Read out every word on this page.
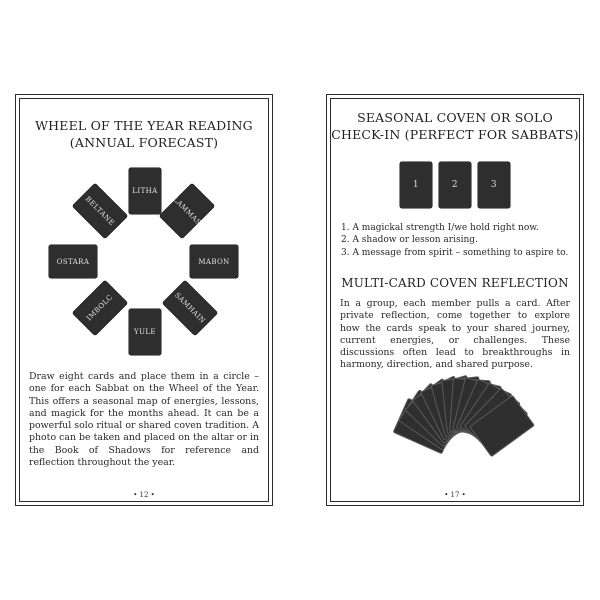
WHEEL OF THE YEAR READING
(ANNUAL FORECAST)
LITHA
LAMMAS
MABON
SAMHAIN
YULE
IMBOLC
OSTARA
BELTANE
Draw eight cards and place them in a circle – one for each Sabbat on the Wheel of the Year. This offers a seasonal map of energies, lessons, and magick for the months ahead. It can be a powerful solo ritual or shared coven tradition. A photo can be taken and placed on the altar or in the Book of Shadows for reference and reflection throughout the year.
• 12 •
SEASONAL COVEN OR SOLO
CHECK-IN (PERFECT FOR SABBATS)
1	2	3
1. A magickal strength I/we hold right now.
2. A shadow or lesson arising.
3. A message from spirit – something to aspire to.
MULTI-CARD COVEN REFLECTION
In a group, each member pulls a card. After private reflection, come together to explore how the cards speak to your shared journey, current energies, or challenges. These discussions often lead to breakthroughs in harmony, direction, and shared purpose.
• 17 •
